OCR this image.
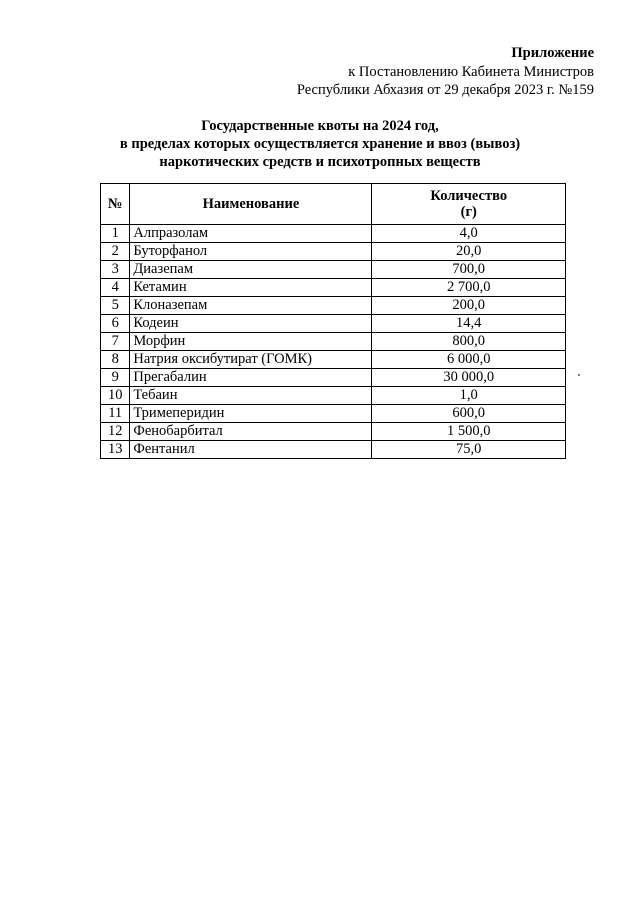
Приложение
к Постановлению Кабинета Министров
Республики Абхазия от 29 декабря 2023 г. №159
Государственные квоты на 2024 год,
в пределах которых осуществляется хранение и ввоз (вывоз)
наркотических средств и психотропных веществ
№	Наименование	Количество
(г)

1	Алпразолам	4,0
2	Буторфанол	20,0
3	Диазепам	700,0
4	Кетамин	2 700,0
5	Клоназепам	200,0
6	Кодеин	14,4
7	Морфин	800,0
8	Натрия оксибутират (ГОМК)	6 000,0
9	Прегабалин	30 000,0
10	Тебаин	1,0
11	Тримеперидин	600,0
12	Фенобарбитал	1 500,0
13	Фентанил	75,0
